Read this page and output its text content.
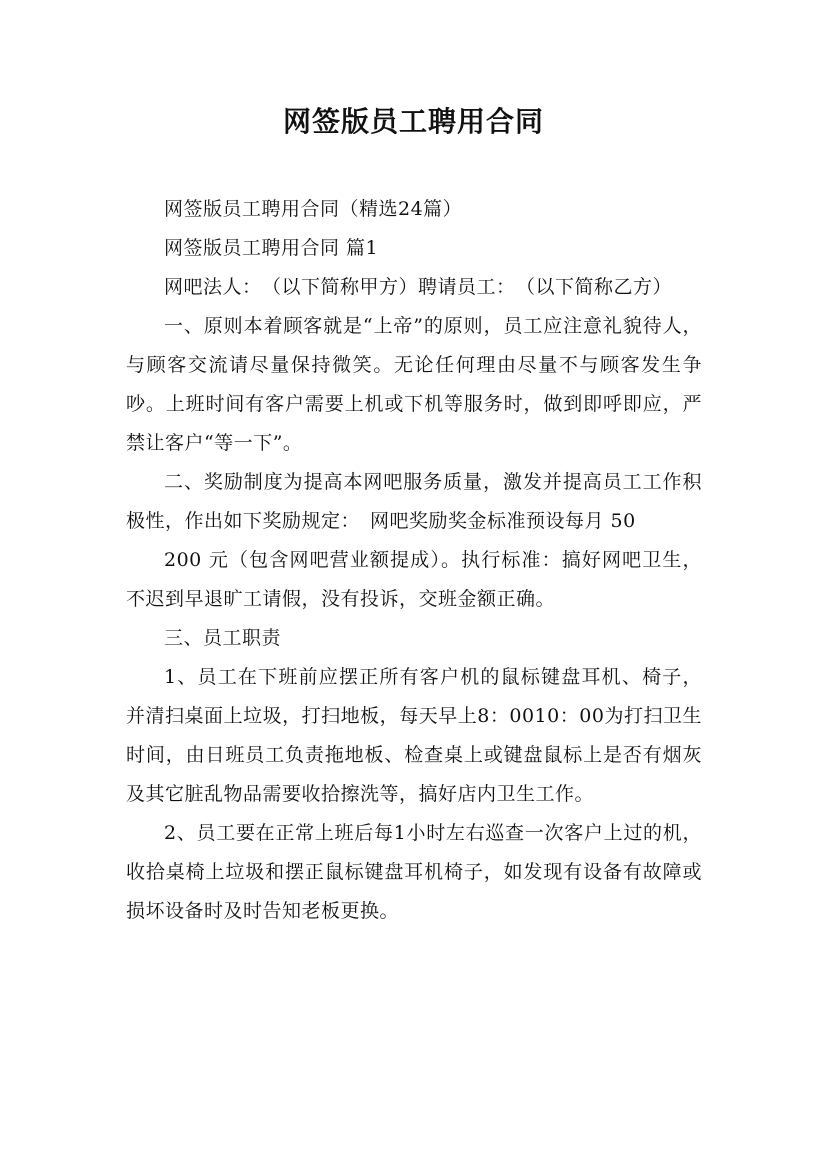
网签版员工聘用合同

网签版员工聘用合同（精选24篇）

网签版员工聘用合同 篇1

网吧法人：　（以下简称甲方）聘请员工：　（以下简称乙方）

一、原则本着顾客就是“上帝”的原则，员工应注意礼貌待人，与顾客交流请尽量保持微笑。无论任何理由尽量不与顾客发生争吵。上班时间有客户需要上机或下机等服务时，做到即呼即应，严禁让客户“等一下”。

二、奖励制度为提高本网吧服务质量，激发并提高员工工作积极性，作出如下奖励规定：　网吧奖励奖金标准预设每月 50

200 元（包含网吧营业额提成）。执行标准：搞好网吧卫生，不迟到早退旷工请假，没有投诉，交班金额正确。

三、员工职责

1、员工在下班前应摆正所有客户机的鼠标键盘耳机、椅子，并清扫桌面上垃圾，打扫地板，每天早上8：0010：00为打扫卫生时间，由日班员工负责拖地板、检查桌上或键盘鼠标上是否有烟灰及其它脏乱物品需要收拾擦洗等，搞好店内卫生工作。

2、员工要在正常上班后每1小时左右巡查一次客户上过的机，收拾桌椅上垃圾和摆正鼠标键盘耳机椅子，如发现有设备有故障或损坏设备时及时告知老板更换。
